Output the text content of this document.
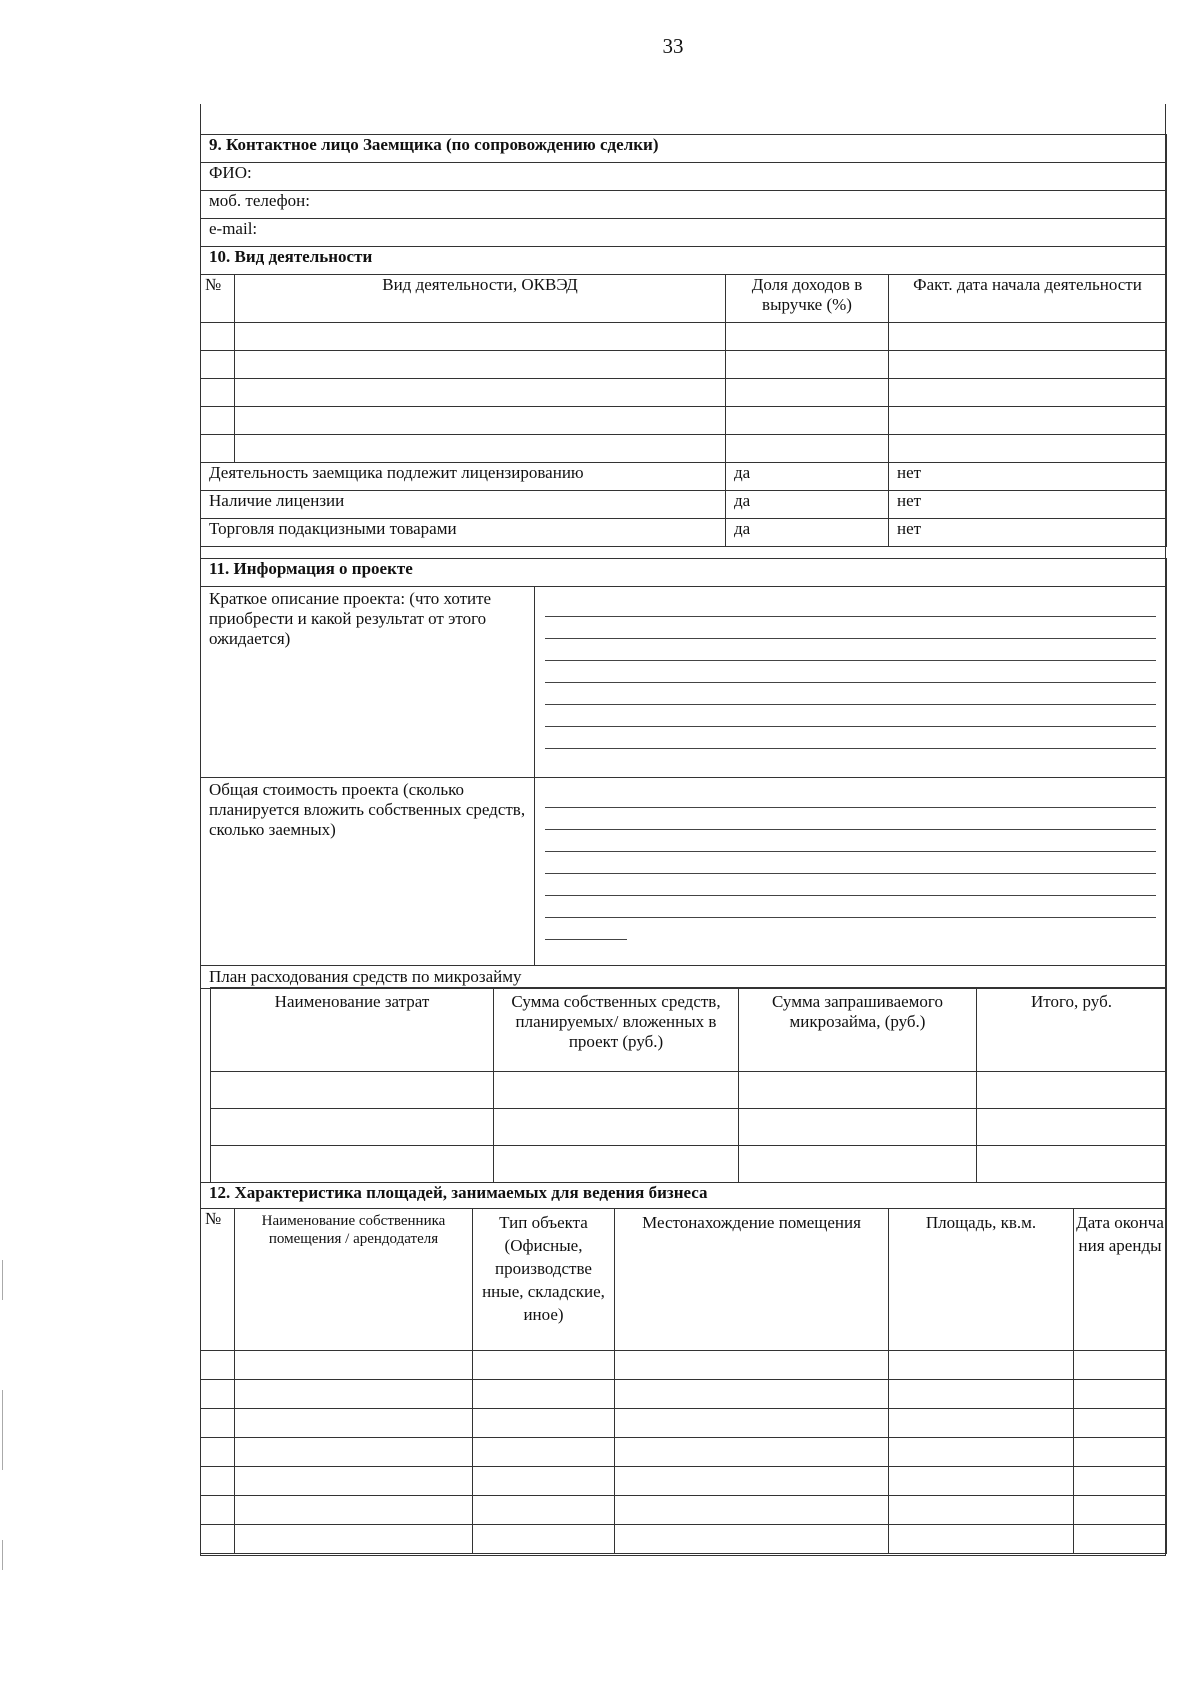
33
9. Контактное лицо Заемщика (по сопровождению сделки)
ФИО:
моб. телефон:
e-mail:
10. Вид деятельности			
№	Вид деятельности, ОКВЭД	Доля доходов в выручке (%)	Факт. дата начала деятельности

Деятельность заемщика подлежит лицензированию		да	нет
Наличие лицензии		да	нет
Торговля подакцизными товарами		да	нет
11. Информация о проекте	
Краткое описание проекта: (что хотите приобрести и какой результат от этого ожидается)	

Общая стоимость проекта (сколько планируется вложить собственных средств, сколько заемных)	
План расходования средств по микрозайму
Наименование затрат	Сумма собственных средств, планируемых/ вложенных в проект (руб.)	Сумма запрашиваемого микрозайма, (руб.)	Итого, руб.

12. Характеристика площадей, занимаемых для ведения бизнеса					
№	Наименование собственника помещения / арендодателя	Тип объекта (Офисные, производстве нные, складские, иное)	Местонахождение помещения	Площадь, кв.м.	Дата оконча ния аренды
